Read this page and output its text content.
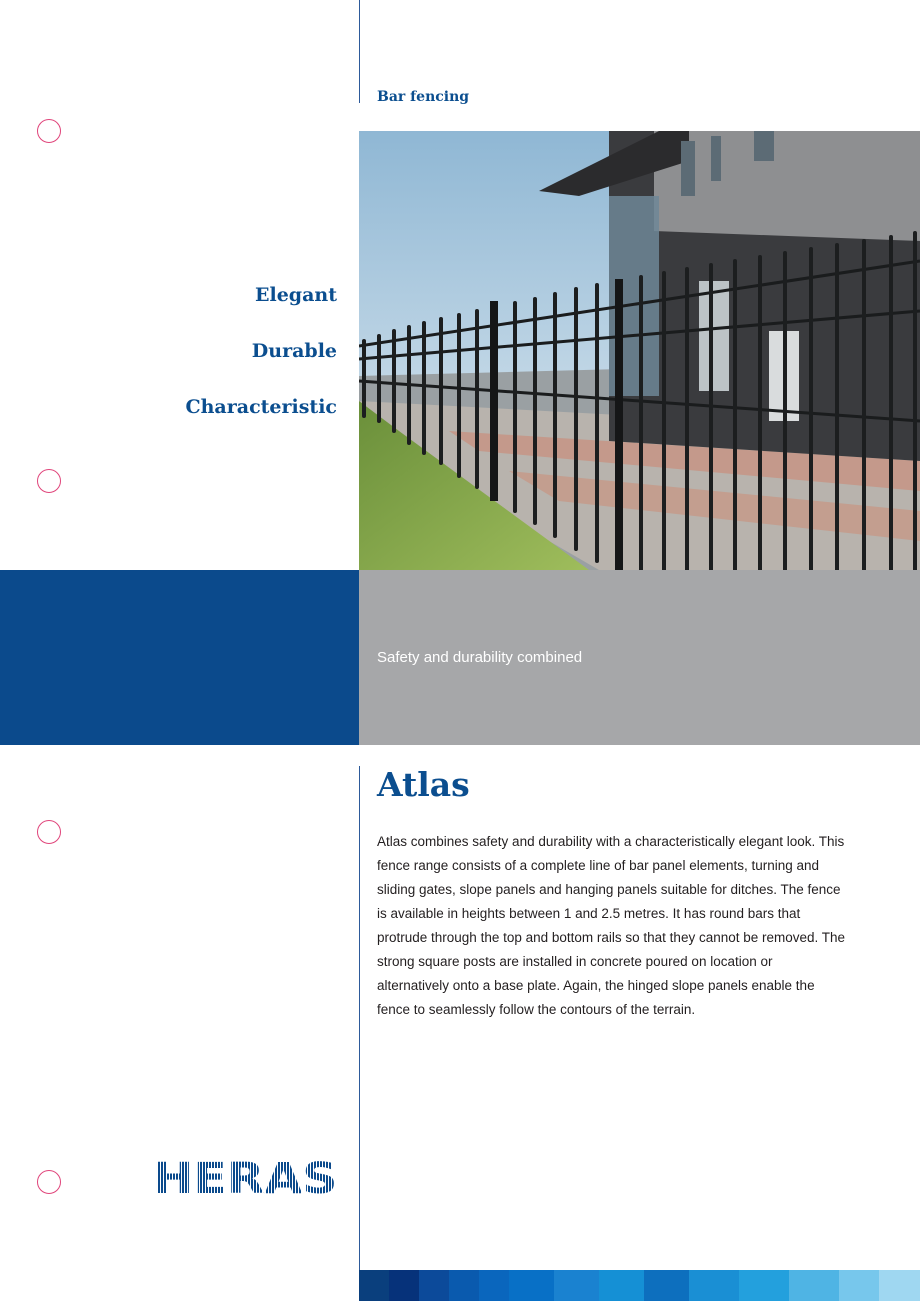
Bar fencing
Elegant
Durable
Characteristic
Safety and durability combined
Atlas
Atlas combines safety and durability with a characteristically elegant look. This fence range consists of a complete line of bar panel elements, turning and sliding gates, slope panels and hanging panels suitable for ditches. The fence is available in heights between 1 and 2.5 metres. It has round bars that protrude through the top and bottom rails so that they cannot be removed. The strong square posts are installed in concrete poured on location or alternatively onto a base plate. Again, the hinged slope panels enable the fence to seamlessly follow the contours of the terrain.
